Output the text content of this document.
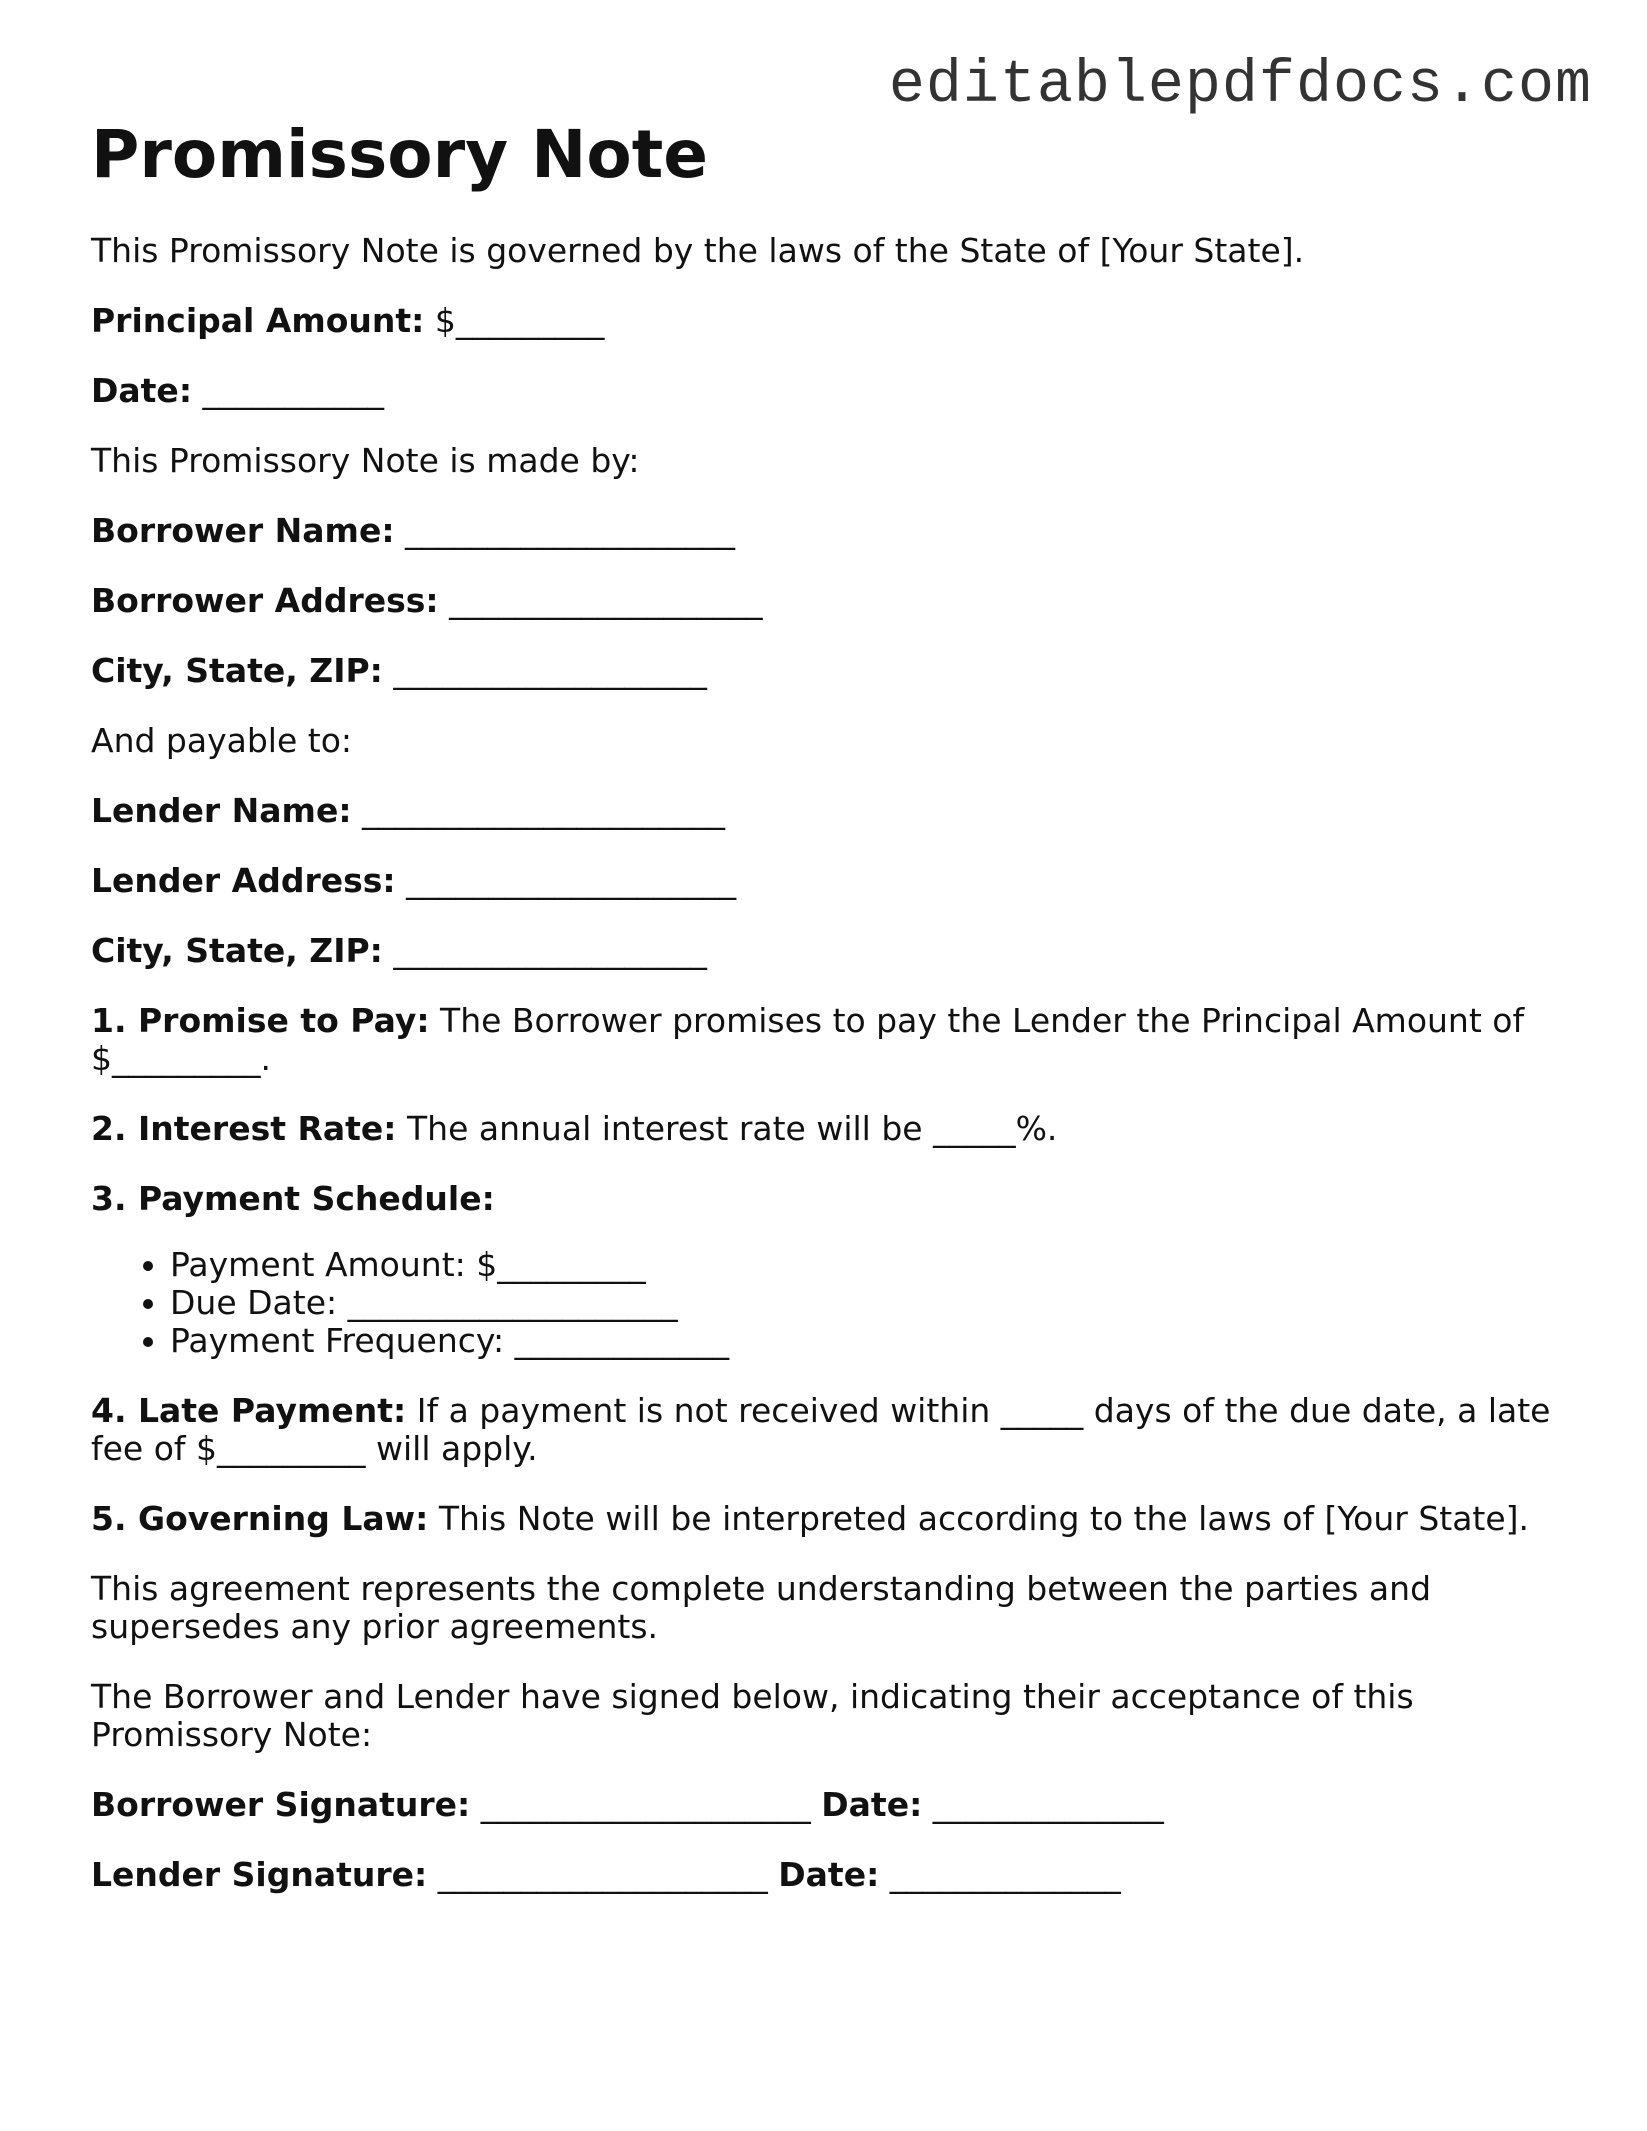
editablepdfdocs.com
Promissory Note

This Promissory Note is governed by the laws of the State of [Your State].

Principal Amount: $_________

Date: ___________

This Promissory Note is made by:

Borrower Name: ____________________

Borrower Address: ___________________

City, State, ZIP: ___________________

And payable to:

Lender Name: ______________________

Lender Address: ____________________

City, State, ZIP: ___________________

1. Promise to Pay: The Borrower promises to pay the Lender the Principal Amount of $_________.

2. Interest Rate: The annual interest rate will be _____%.

3. Payment Schedule:

• Payment Amount: $_________
• Due Date: ____________________
• Payment Frequency: _____________

4. Late Payment: If a payment is not received within _____ days of the due date, a late fee of $_________ will apply.

5. Governing Law: This Note will be interpreted according to the laws of [Your State].

This agreement represents the complete understanding between the parties and supersedes any prior agreements.

The Borrower and Lender have signed below, indicating their acceptance of this Promissory Note:

Borrower Signature: ____________________ Date: ______________

Lender Signature: ____________________ Date: ______________
